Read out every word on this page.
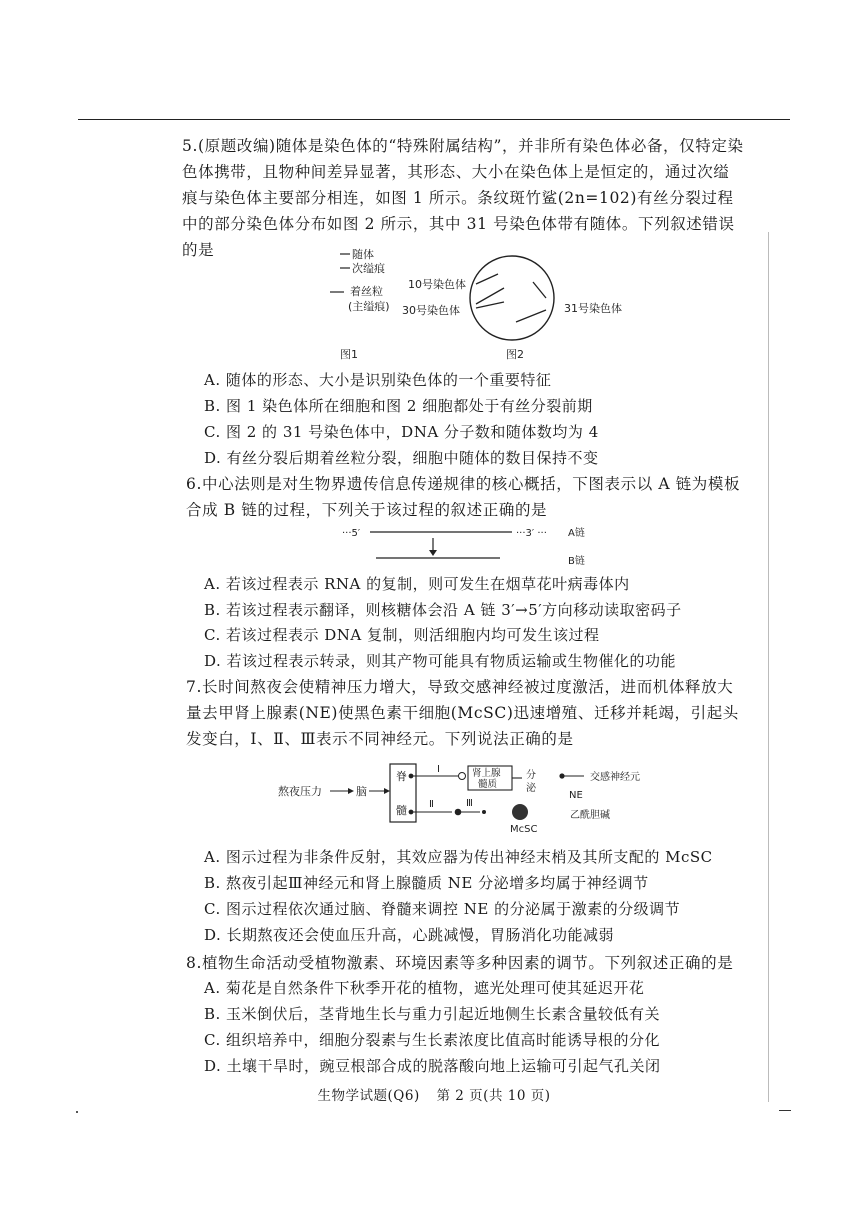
5.(原题改编)随体是染色体的“特殊附属结构”，并非所有染色体必备，仅特定染色体携带，且物种间差异显著，其形态、大小在染色体上是恒定的，通过次缢痕与染色体主要部分相连，如图 1 所示。条纹斑竹鲨(2n=102)有丝分裂过程中的部分染色体分布如图 2 所示，其中 31 号染色体带有随体。下列叙述错误的是	随体
次缢痕
着丝粒
(主缢痕)
图1
10号染色体
30号染色体	31号染色体
图2
A. 随体的形态、大小是识别染色体的一个重要特征
B. 图 1 染色体所在细胞和图 2 细胞都处于有丝分裂前期
C. 图 2 的 31 号染色体中，DNA 分子数和随体数均为 4
D. 有丝分裂后期着丝粒分裂，细胞中随体的数目保持不变
6.中心法则是对生物界遗传信息传递规律的核心概括，下图表示以 A 链为模板合成 B 链的过程，下列关于该过程的叙述正确的是
···5′	···3′ ··· A链
B链
A. 若该过程表示 RNA 的复制，则可发生在烟草花叶病毒体内
B. 若该过程表示翻译，则核糖体会沿 A 链 3′→5′方向移动读取密码子
C. 若该过程表示 DNA 复制，则活细胞内均可发生该过程
D. 若该过程表示转录，则其产物可能具有物质运输或生物催化的功能
7.长时间熬夜会使精神压力增大，导致交感神经被过度激活，进而机体释放大量去甲肾上腺素(NE)使黑色素干细胞(McSC)迅速增殖、迁移并耗竭，引起头发变白，Ⅰ、Ⅱ、Ⅲ表示不同神经元。下列说法正确的是
熬夜压力	脑
脊
髓
Ⅰ	肾上腺
髓质
分
泌
Ⅱ	Ⅲ
McSC
交感神经元
NE
乙酰胆碱
A. 图示过程为非条件反射，其效应器为传出神经末梢及其所支配的 McSC
B. 熬夜引起Ⅲ神经元和肾上腺髓质 NE 分泌增多均属于神经调节
C. 图示过程依次通过脑、脊髓来调控 NE 的分泌属于激素的分级调节
D. 长期熬夜还会使血压升高，心跳减慢，胃肠消化功能减弱
8.植物生命活动受植物激素、环境因素等多种因素的调节。下列叙述正确的是
A. 菊花是自然条件下秋季开花的植物，遮光处理可使其延迟开花
B. 玉米倒伏后，茎背地生长与重力引起近地侧生长素含量较低有关
C. 组织培养中，细胞分裂素与生长素浓度比值高时能诱导根的分化
D. 土壤干旱时，豌豆根部合成的脱落酸向地上运输可引起气孔关闭
生物学试题(Q6) 第 2 页(共 10 页)
